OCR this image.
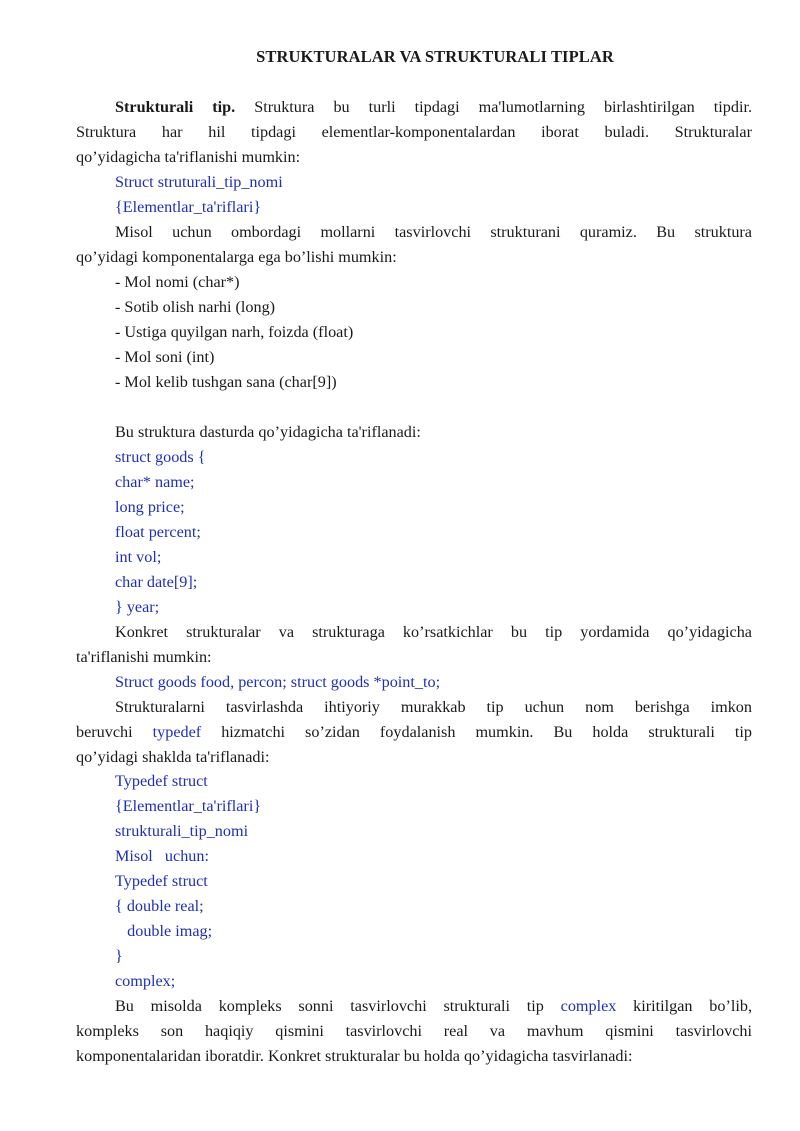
STRUKTURALAR VA STRUKTURALI TIPLAR
Strukturali tip. Struktura bu turli tipdagi ma'lumotlarning birlashtirilgan tipdir.
Struktura har hil tipdagi elementlar-komponentalardan iborat buladi. Strukturalar
qo’yidagicha ta'riflanishi mumkin:
Struct struturali_tip_nomi
{Elementlar_ta'riflari}
Misol uchun ombordagi mollarni tasvirlovchi strukturani quramiz. Bu struktura
qo’yidagi komponentalarga ega bo’lishi mumkin:
- Mol nomi (char*)
- Sotib olish narhi (long)
- Ustiga quyilgan narh, foizda (float)
- Mol soni (int)
- Mol kelib tushgan sana (char[9])
Bu struktura dasturda qo’yidagicha ta'riflanadi:
struct goods {
char* name;
long price;
float percent;
int vol;
char date[9];
} year;
Konkret strukturalar va strukturaga ko’rsatkichlar bu tip yordamida qo’yidagicha
ta'riflanishi mumkin:
Struct goods food, percon; struct goods *point_to;
Strukturalarni tasvirlashda ihtiyoriy murakkab tip uchun nom berishga imkon
beruvchi typedef hizmatchi so’zidan foydalanish mumkin. Bu holda strukturali tip
qo’yidagi shaklda ta'riflanadi:
Typedef struct
{Elementlar_ta'riflari}
strukturali_tip_nomi
Misol   uchun:
Typedef struct
{ double real;
double imag;
}
complex;
Bu misolda kompleks sonni tasvirlovchi strukturali tip complex kiritilgan bo’lib,
kompleks son haqiqiy qismini tasvirlovchi real va mavhum qismini tasvirlovchi
komponentalaridan iboratdir. Konkret strukturalar bu holda qo’yidagicha tasvirlanadi:
